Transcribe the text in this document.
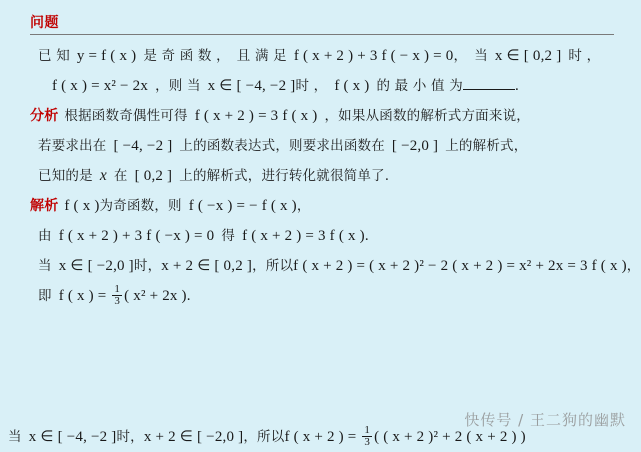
问题
已 知 y = f ( x ) 是 奇 函 数 ， 且 满 足 f ( x + 2 ) + 3 f ( − x ) = 0， 当 x ∈ [ 0,2 ] 时 ，
f ( x ) = x² − 2x ，则 当 x ∈ [ −4, −2 ]时 ， f ( x ) 的 最 小 值 为	.
分析 根据函数奇偶性可得 f ( x + 2 ) = 3 f ( x ) ，如果从函数的解析式方面来说，
若要求出在 [ −4, −2 ] 上的函数表达式，则要求出函数在 [ −2,0 ] 上的解析式，
已知的是 x 在 [ 0,2 ] 上的解析式，进行转化就很简单了.
解析 f ( x )为奇函数，则 f ( −x ) = − f ( x )，
由 f ( x + 2 ) + 3 f ( −x ) = 0 得 f ( x + 2 ) = 3 f ( x ).
当 x ∈ [ −2,0 ]时，x + 2 ∈ [ 0,2 ]，所以f ( x + 2 ) = ( x + 2 )² − 2 ( x + 2 ) = x² + 2x = 3 f ( x )，
即 f ( x ) = $\frac{1}{3}$ ( x² + 2x ).
当 x ∈ [ −4, −2 ]时，x + 2 ∈ [ −2,0 ]，所以f ( x + 2 ) = $\frac{1}{3}$ ( ( x + 2 )² + 2 ( x + 2 ) )
快传号 / 王二狗的幽默
